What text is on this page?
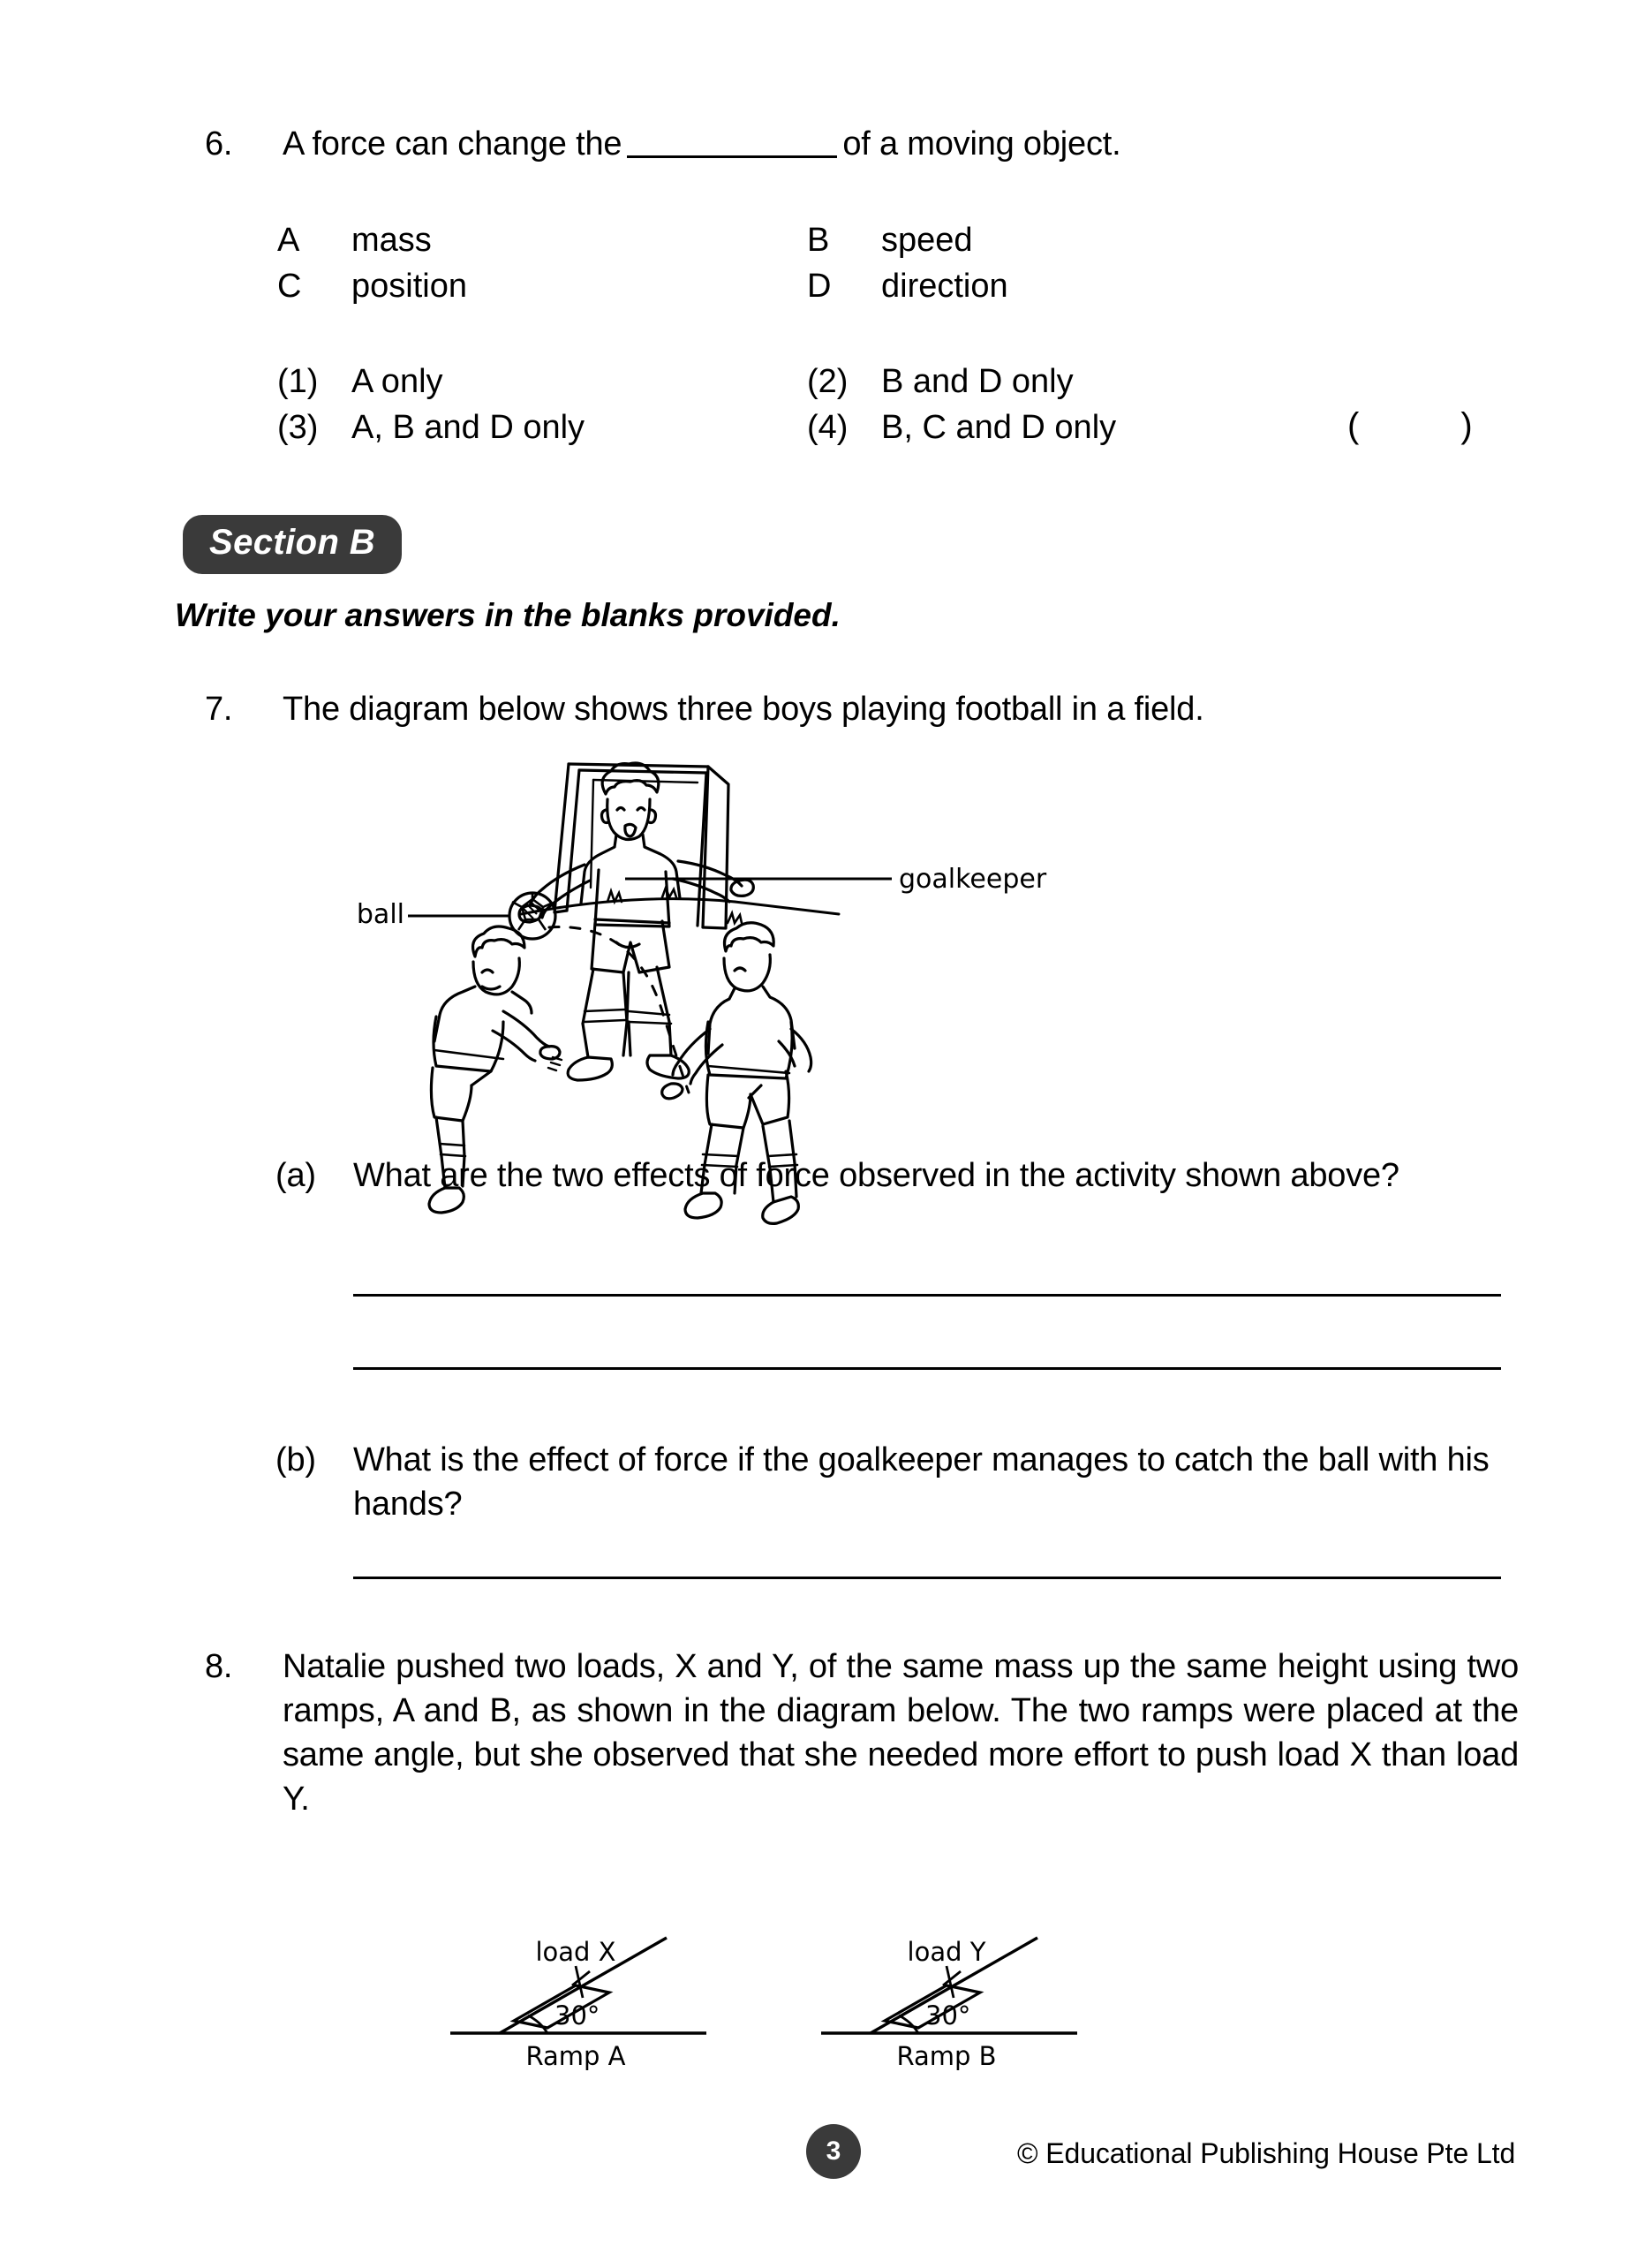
6. A force can change the	of a moving object.
A mass	B speed
C position	D direction
(1) A only	(2) B and D only
(3) A, B and D only	(4) B, C and D only	( )
Section B
Write your answers in the blanks provided.
7. The diagram below shows three boys playing football in a field.
ball
goalkeeper
(a) What are the two effects of force observed in the activity shown above?
(b) What is the effect of force if the goalkeeper manages to catch the ball with his hands?
8. Natalie pushed two loads, X and Y, of the same mass up the same height using two ramps, A and B, as shown in the diagram below. The two ramps were placed at the same angle, but she observed that she needed more effort to push load X than load Y.
load X
30°
Ramp A
load Y
30°
Ramp B
3	© Educational Publishing House Pte Ltd
